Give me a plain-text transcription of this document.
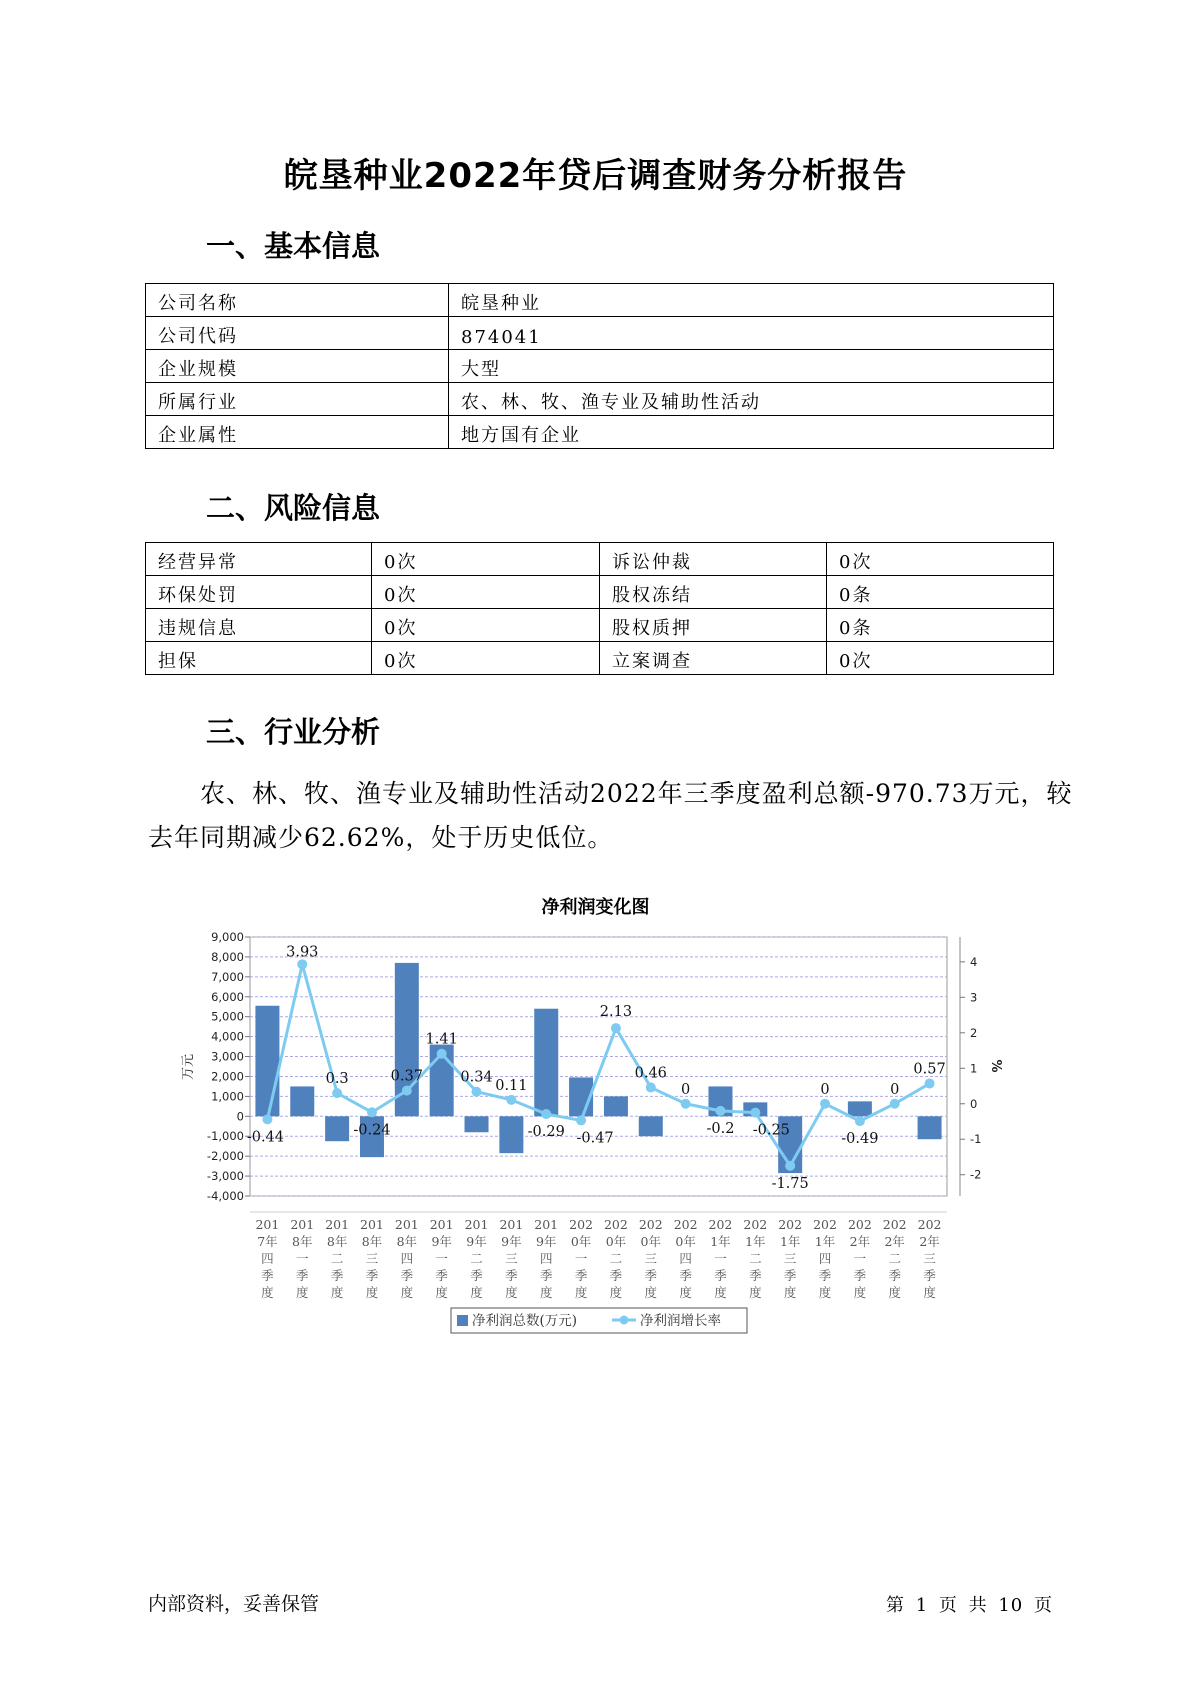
皖垦种业2022年贷后调查财务分析报告
一、基本信息
公司名称	皖垦种业
公司代码	874041
企业规模	大型
所属行业	农、林、牧、渔专业及辅助性活动
企业属性	地方国有企业
二、风险信息
经营异常	0次	诉讼仲裁	0次
环保处罚	0次	股权冻结	0条
违规信息	0次	股权质押	0条
担保	0次	立案调查	0次
三、行业分析
农、林、牧、渔专业及辅助性活动2022年三季度盈利总额-970.73万元，较去年同期减少62.62%，处于历史低位。
净利润变化图
9,000
8,000
7,000
6,000
5,000
4,000
3,000
2,000
1,000
0
-1,000
-2,000
-3,000
-4,000
4
3
2
1
0
-1
-2
万元	%
-0.44
3.93
0.3
-0.24
0.37
1.41
0.34
0.11
-0.29 -0.47
2.13
0.46
0
-0.2 -0.25
-1.75
0
-0.49
0
0.57
201
7年
四
季
度
201
8年
一
季
度
201
8年
二
季
度
201
8年
三
季
度
201
8年
四
季
度
201
9年
一
季
度
201
9年
二
季
度
201
9年
三
季
度
201
9年
四
季
度
202
0年
一
季
度
202
0年
二
季
度
202
0年
三
季
度
202
0年
四
季
度
202
1年
一
季
度
202
1年
二
季
度
202
1年
三
季
度
202
1年
四
季
度
202
2年
一
季
度
202
2年
二
季
度
202
2年
三
季
度
净利润总数(万元)	净利润增长率
内部资料，妥善保管	第 1 页 共 10 页
